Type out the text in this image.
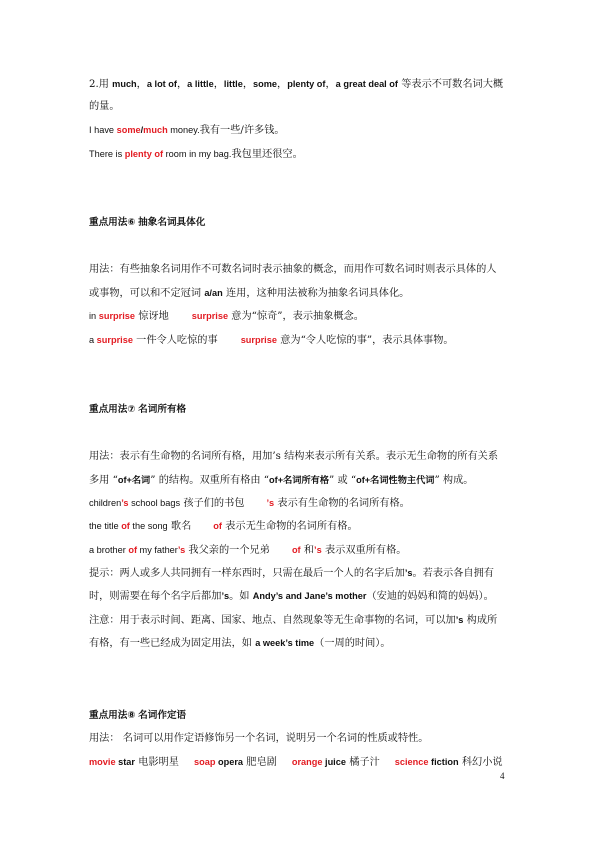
2.用 much，a lot of，a little，little，some，plenty of，a great deal of 等表示不可数名词大概
的量。
I have some/much money.我有一些/许多钱。
There is plenty of room in my bag.我包里还很空。
重点用法⑥ 抽象名词具体化
用法：有些抽象名词用作不可数名词时表示抽象的概念，而用作可数名词时则表示具体的人
或事物，可以和不定冠词 a/an 连用，这种用法被称为抽象名词具体化。
in surprise 惊讶地	surprise 意为“惊奇”，表示抽象概念。
a surprise 一件令人吃惊的事	surprise 意为“令人吃惊的事”，表示具体事物。
重点用法⑦ 名词所有格
用法：表示有生命物的名词所有格，用加’s 结构来表示所有关系。表示无生命物的所有关系
多用 “of+名词” 的结构。双重所有格由 “of+名词所有格” 或 “of+名词性物主代词” 构成。
children’s school bags 孩子们的书包 ’s 表示有生命物的名词所有格。
the title of the song 歌名 of 表示无生命物的名词所有格。
a brother of my father’s 我父亲的一个兄弟 of 和’s 表示双重所有格。
提示：两人或多人共同拥有一样东西时，只需在最后一个人的名字后加’s。若表示各自拥有
时，则需要在每个名字后都加’s。如 Andy’s and Jane’s mother（安迪的妈妈和简的妈妈）。
注意：用于表示时间、距离、国家、地点、自然现象等无生命事物的名词，可以加’s 构成所
有格，有一些已经成为固定用法，如 a week’s time（一周的时间）。
重点用法⑧ 名词作定语
用法： 名词可以用作定语修饰另一个名词，说明另一个名词的性质或特性。
movie star 电影明星 soap opera 肥皂剧 orange juice 橘子汁 science fiction 科幻小说
4
